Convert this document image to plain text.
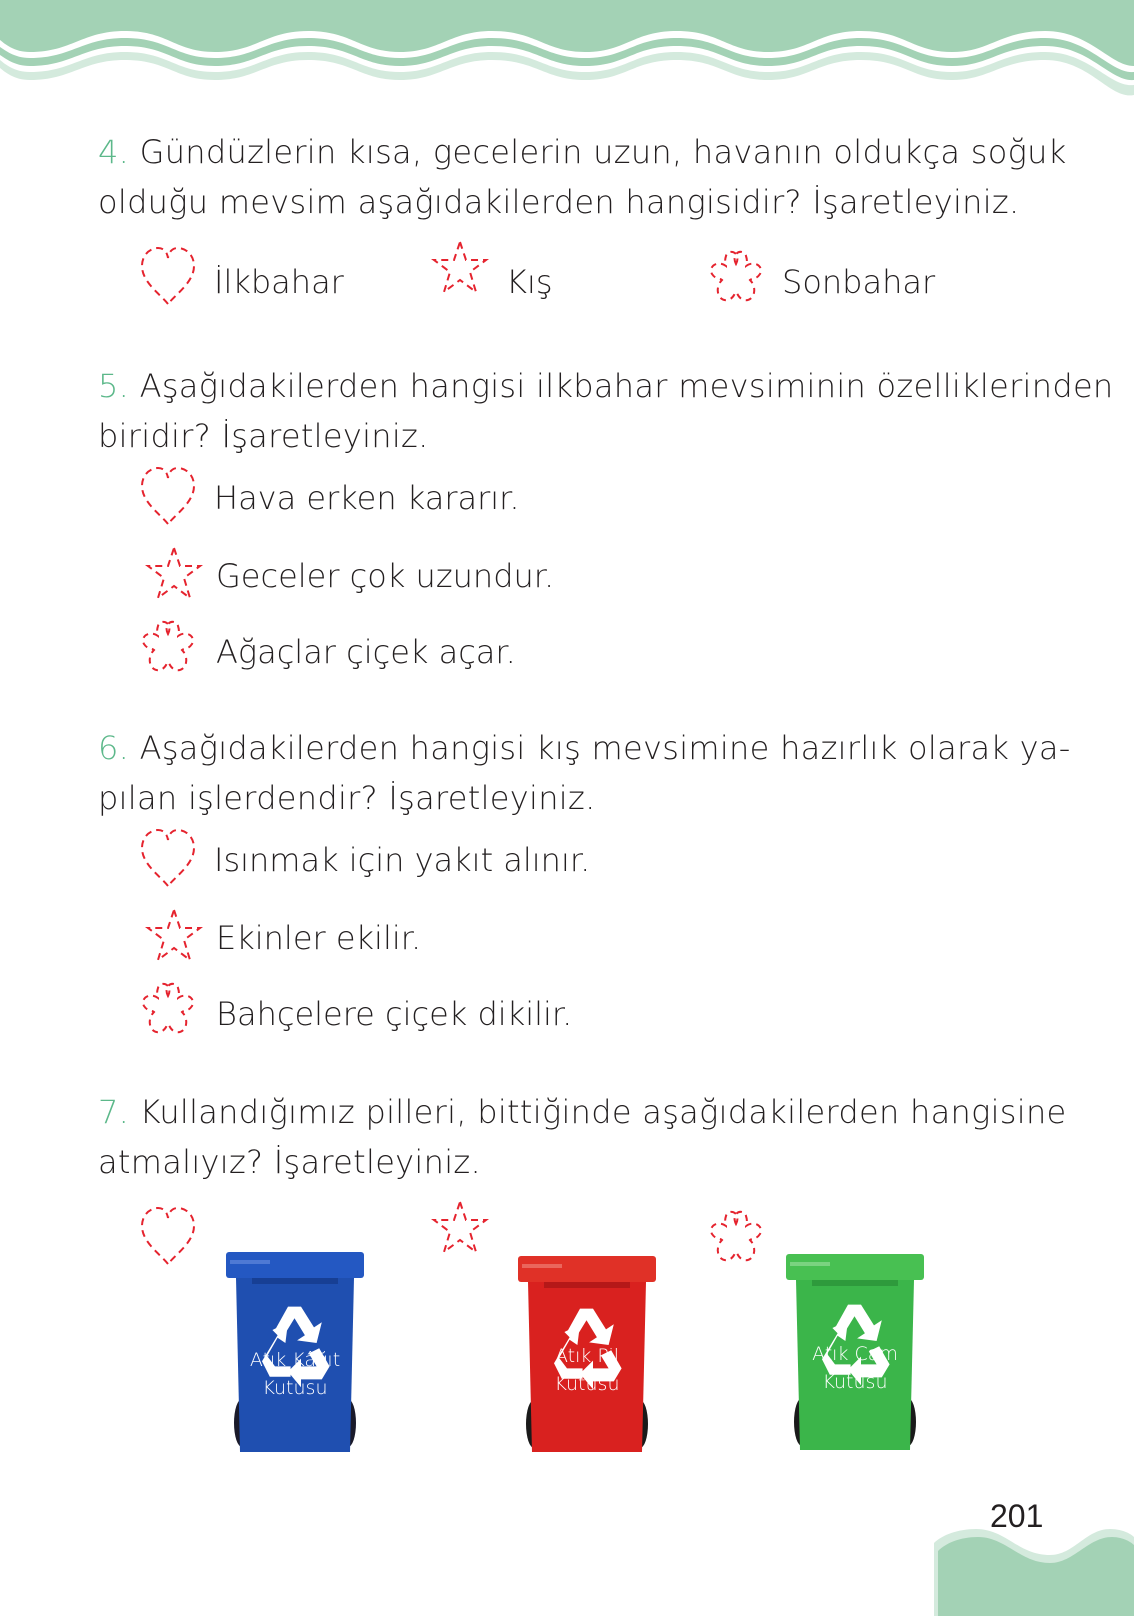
4. Gündüzlerin kısa, gecelerin uzun, havanın oldukça soğuk
olduğu mevsim aşağıdakilerden hangisidir? İşaretleyiniz.
İlkbahar	Kış	Sonbahar
5. Aşağıdakilerden hangisi ilkbahar mevsiminin özelliklerinden
biridir? İşaretleyiniz.
Hava erken kararır.
Geceler çok uzundur.
Ağaçlar çiçek açar.
6. Aşağıdakilerden hangisi kış mevsimine hazırlık olarak ya-
pılan işlerdendir? İşaretleyiniz.
Isınmak için yakıt alınır.
Ekinler ekilir.
Bahçelere çiçek dikilir.
7. Kullandığımız pilleri, bittiğinde aşağıdakilerden hangisine
atmalıyız? İşaretleyiniz.
Atık Kâğıt
Kutusu
Atık Pil
Kutusu
Atık Cam
Kutusu
201
